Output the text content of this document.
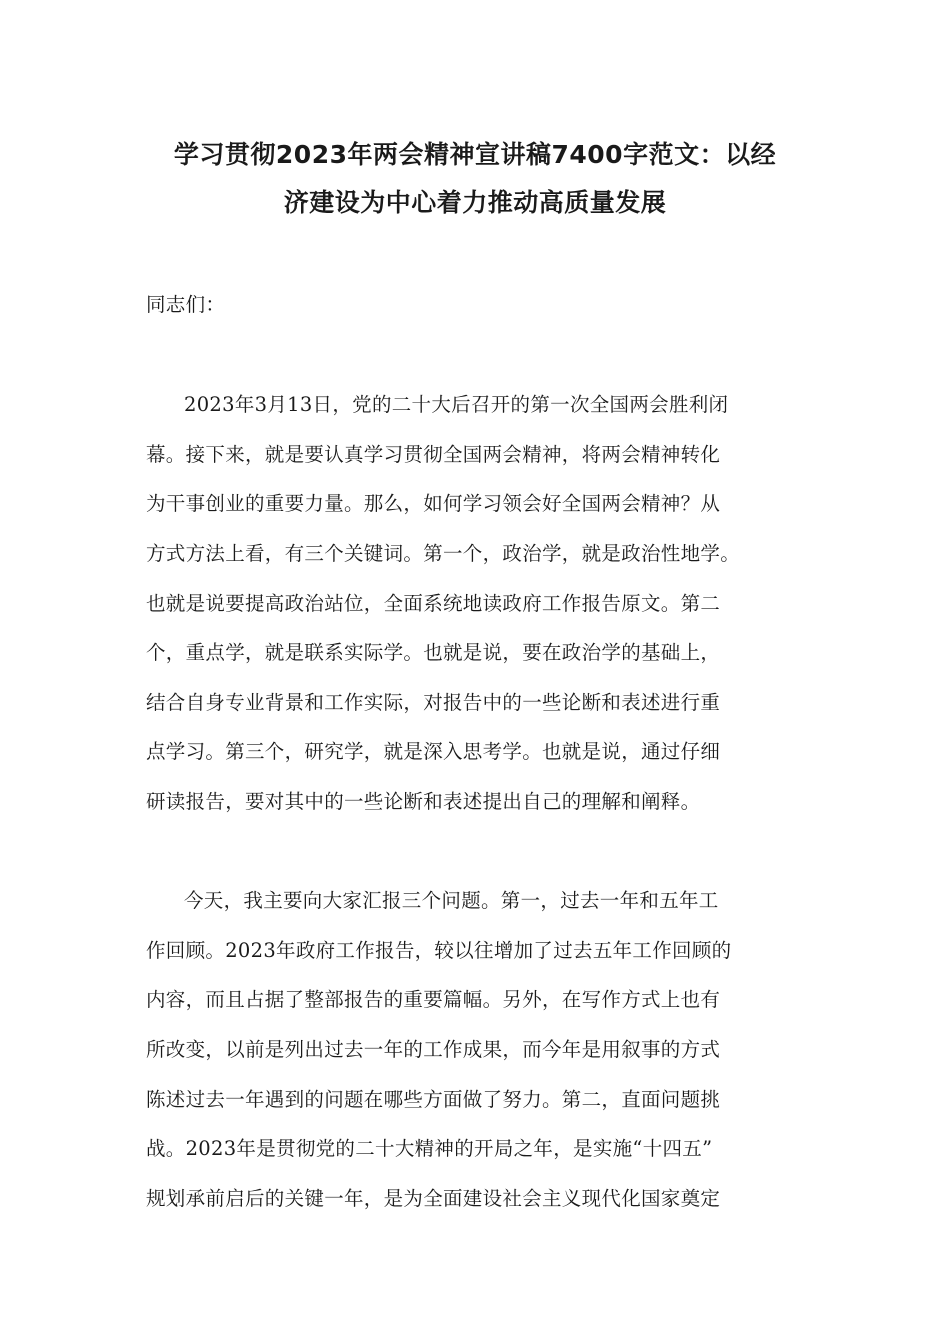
学习贯彻2023年两会精神宣讲稿7400字范文：以经
济建设为中心着力推动高质量发展
同志们：
2023年3月13日，党的二十大后召开的第一次全国两会胜利闭
幕。接下来，就是要认真学习贯彻全国两会精神，将两会精神转化
为干事创业的重要力量。那么，如何学习领会好全国两会精神？从
方式方法上看，有三个关键词。第一个，政治学，就是政治性地学。
也就是说要提高政治站位，全面系统地读政府工作报告原文。第二
个，重点学，就是联系实际学。也就是说，要在政治学的基础上，
结合自身专业背景和工作实际，对报告中的一些论断和表述进行重
点学习。第三个，研究学，就是深入思考学。也就是说，通过仔细
研读报告，要对其中的一些论断和表述提出自己的理解和阐释。
今天，我主要向大家汇报三个问题。第一，过去一年和五年工
作回顾。2023年政府工作报告，较以往增加了过去五年工作回顾的
内容，而且占据了整部报告的重要篇幅。另外，在写作方式上也有
所改变，以前是列出过去一年的工作成果，而今年是用叙事的方式
陈述过去一年遇到的问题在哪些方面做了努力。第二，直面问题挑
战。2023年是贯彻党的二十大精神的开局之年，是实施“十四五”
规划承前启后的关键一年，是为全面建设社会主义现代化国家奠定
